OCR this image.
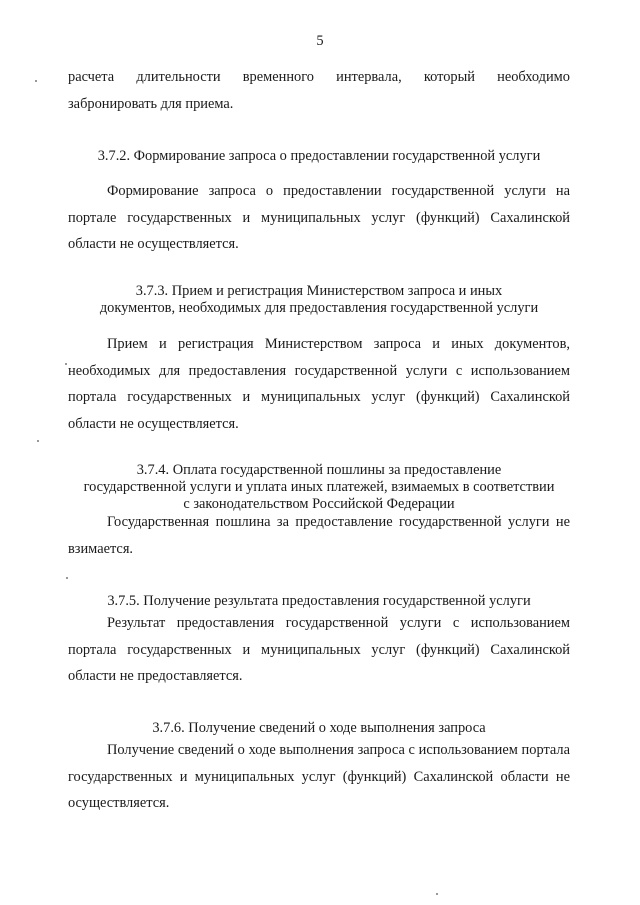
5
расчета длительности временного интервала, который необходимо
забронировать для приема.
3.7.2. Формирование запроса о предоставлении государственной услуги
Формирование запроса о предоставлении государственной услуги на портале государственных и муниципальных услуг (функций) Сахалинской области не осуществляется.
3.7.3. Прием и регистрация Министерством запроса и иных
документов, необходимых для предоставления государственной услуги
Прием и регистрация Министерством запроса и иных документов, необходимых для предоставления государственной услуги с использованием портала государственных и муниципальных услуг (функций) Сахалинской области не осуществляется.
3.7.4. Оплата государственной пошлины за предоставление
государственной услуги и уплата иных платежей, взимаемых в соответствии
с законодательством Российской Федерации
Государственная пошлина за предоставление государственной услуги не взимается.
3.7.5. Получение результата предоставления государственной услуги
Результат предоставления государственной услуги с использованием портала государственных и муниципальных услуг (функций) Сахалинской области не предоставляется.
3.7.6. Получение сведений о ходе выполнения запроса
Получение сведений о ходе выполнения запроса с использованием портала государственных и муниципальных услуг (функций) Сахалинской области не осуществляется.
